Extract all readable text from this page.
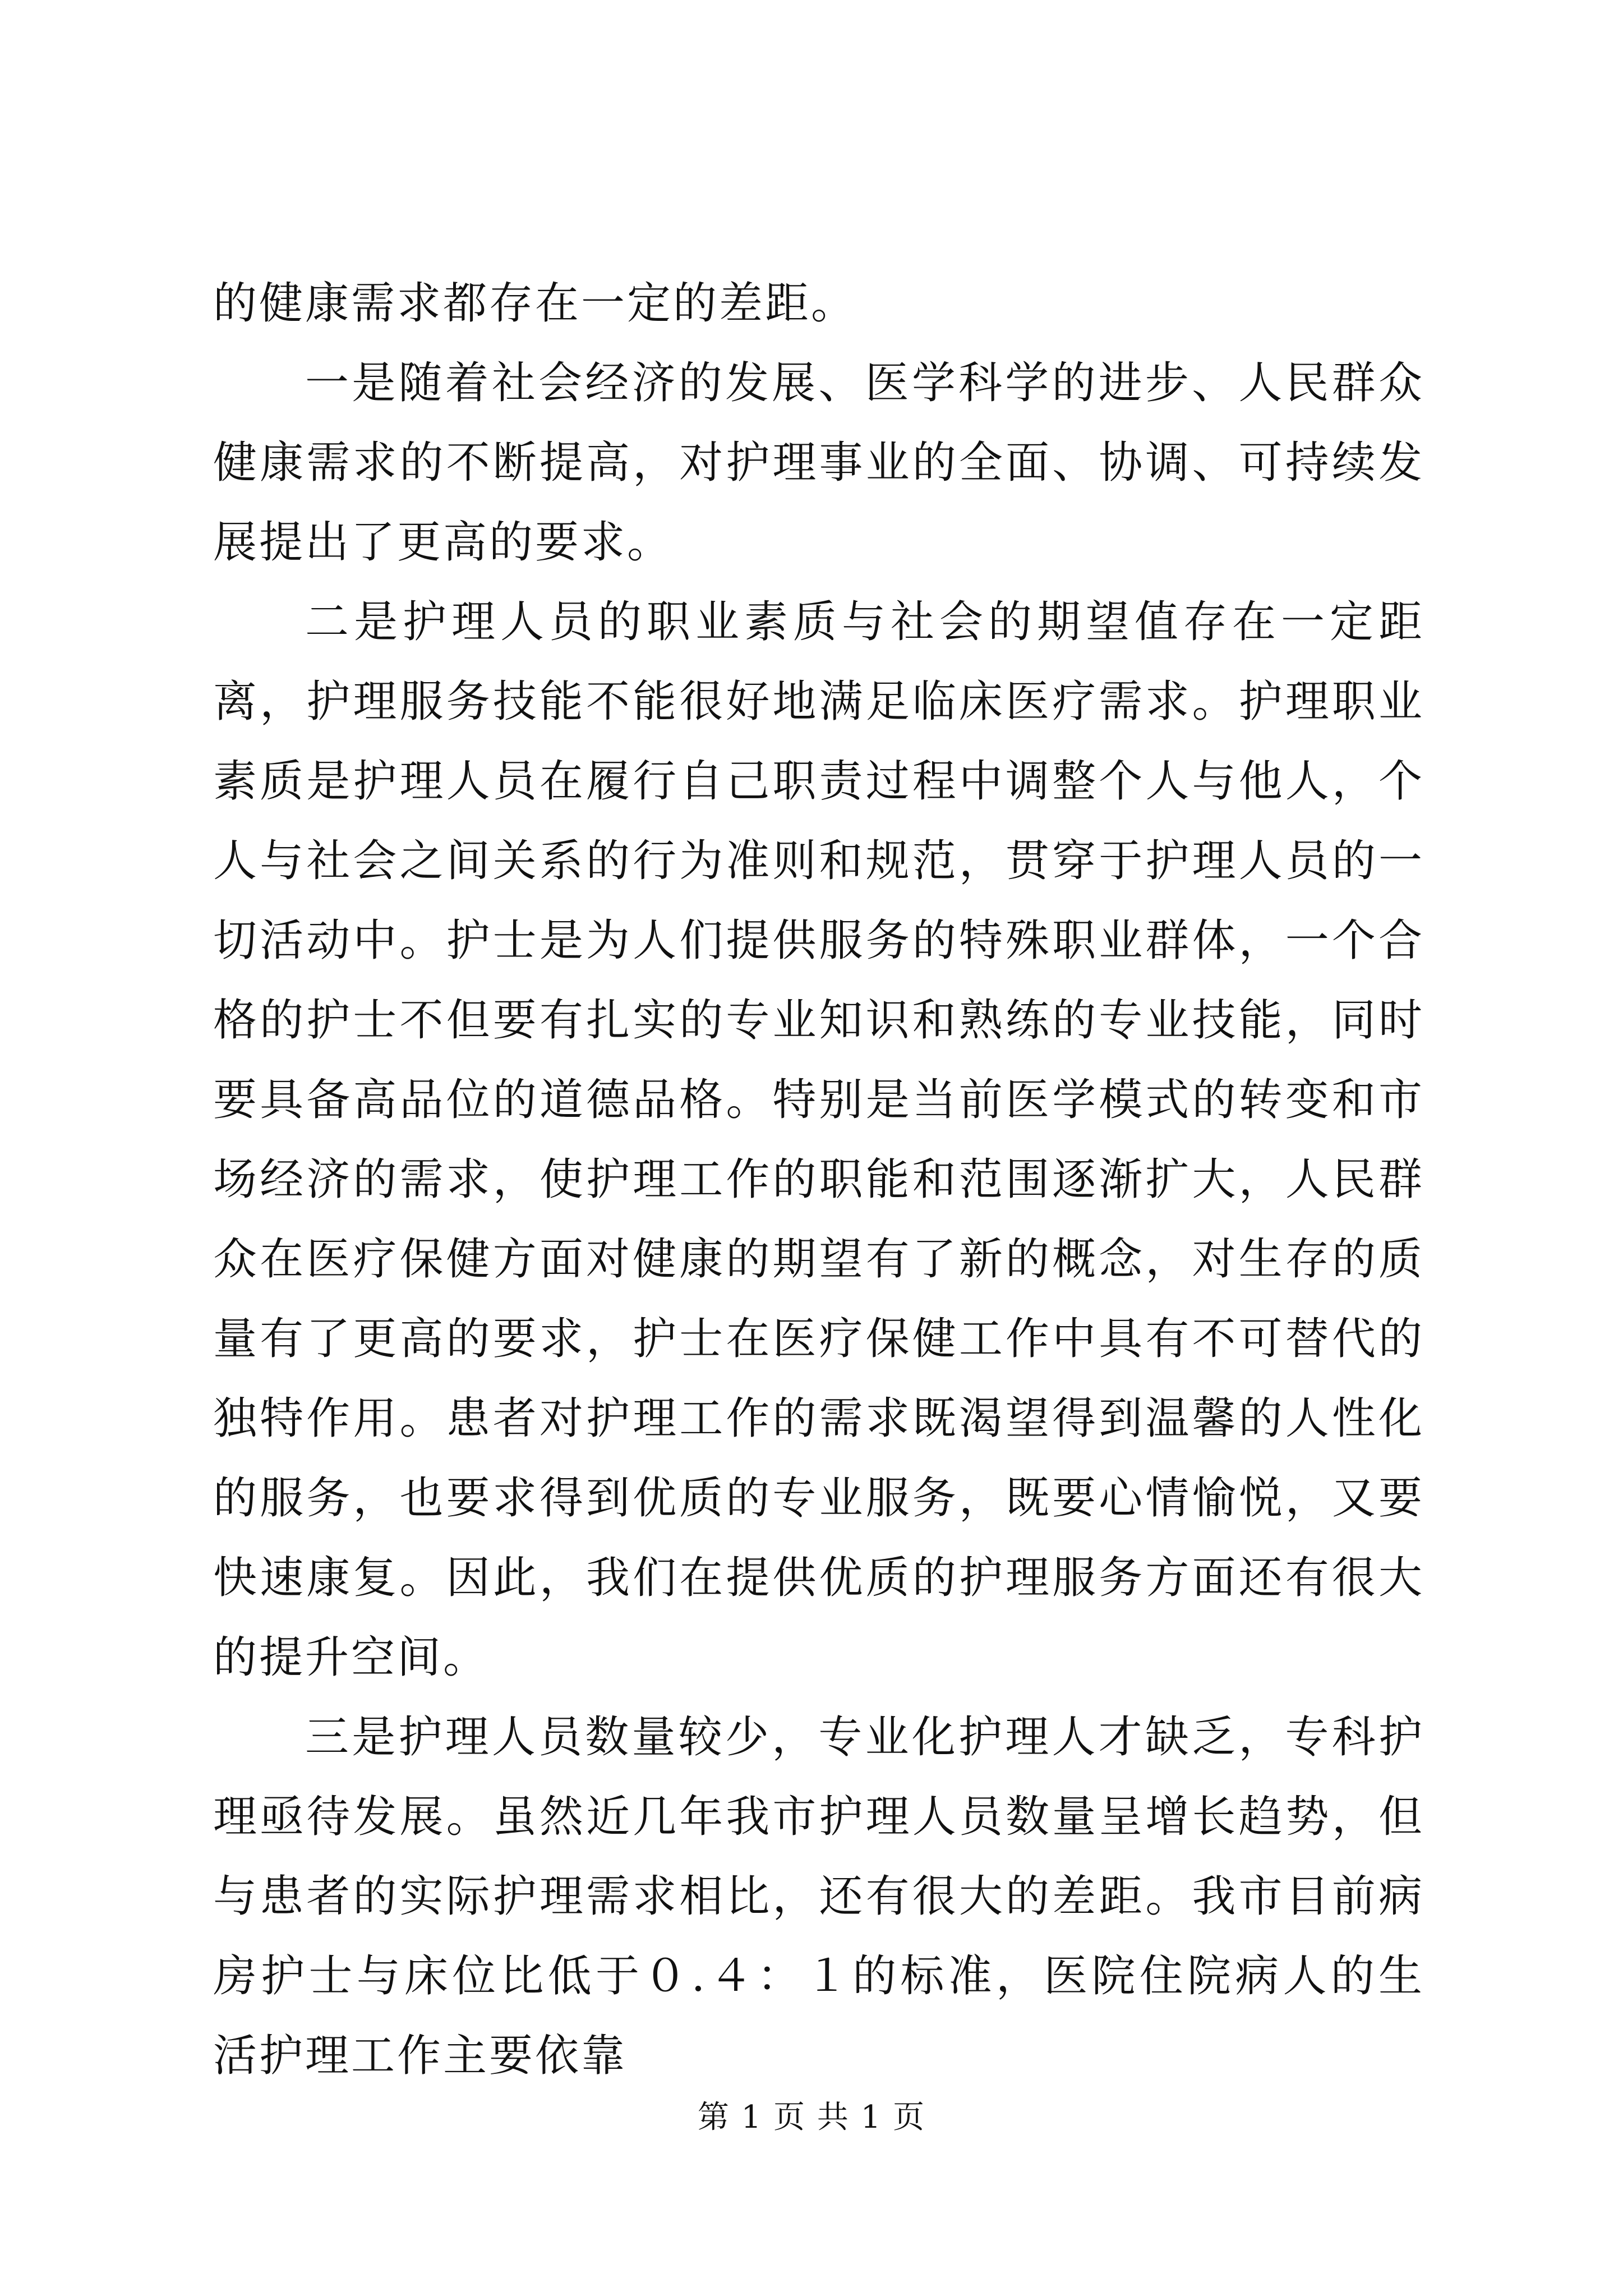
的健康需求都存在一定的差距。

一是随着社会经济的发展、医学科学的进步、人民群众健康需求的不断提高，对护理事业的全面、协调、可持续发展提出了更高的要求。

二是护理人员的职业素质与社会的期望值存在一定距离，护理服务技能不能很好地满足临床医疗需求。护理职业素质是护理人员在履行自己职责过程中调整个人与他人，个人与社会之间关系的行为准则和规范，贯穿于护理人员的一切活动中。护士是为人们提供服务的特殊职业群体，一个合格的护士不但要有扎实的专业知识和熟练的专业技能，同时要具备高品位的道德品格。特别是当前医学模式的转变和市场经济的需求，使护理工作的职能和范围逐渐扩大，人民群众在医疗保健方面对健康的期望有了新的概念，对生存的质量有了更高的要求，护士在医疗保健工作中具有不可替代的独特作用。患者对护理工作的需求既渴望得到温馨的人性化的服务，也要求得到优质的专业服务，既要心情愉悦，又要快速康复。因此，我们在提供优质的护理服务方面还有很大的提升空间。

三是护理人员数量较少，专业化护理人才缺乏，专科护理亟待发展。虽然近几年我市护理人员数量呈增长趋势，但与患者的实际护理需求相比，还有很大的差距。我市目前病房护士与床位比低于０.４：１的标准，医院住院病人的生活护理工作主要依靠

第 1 页 共 1 页
